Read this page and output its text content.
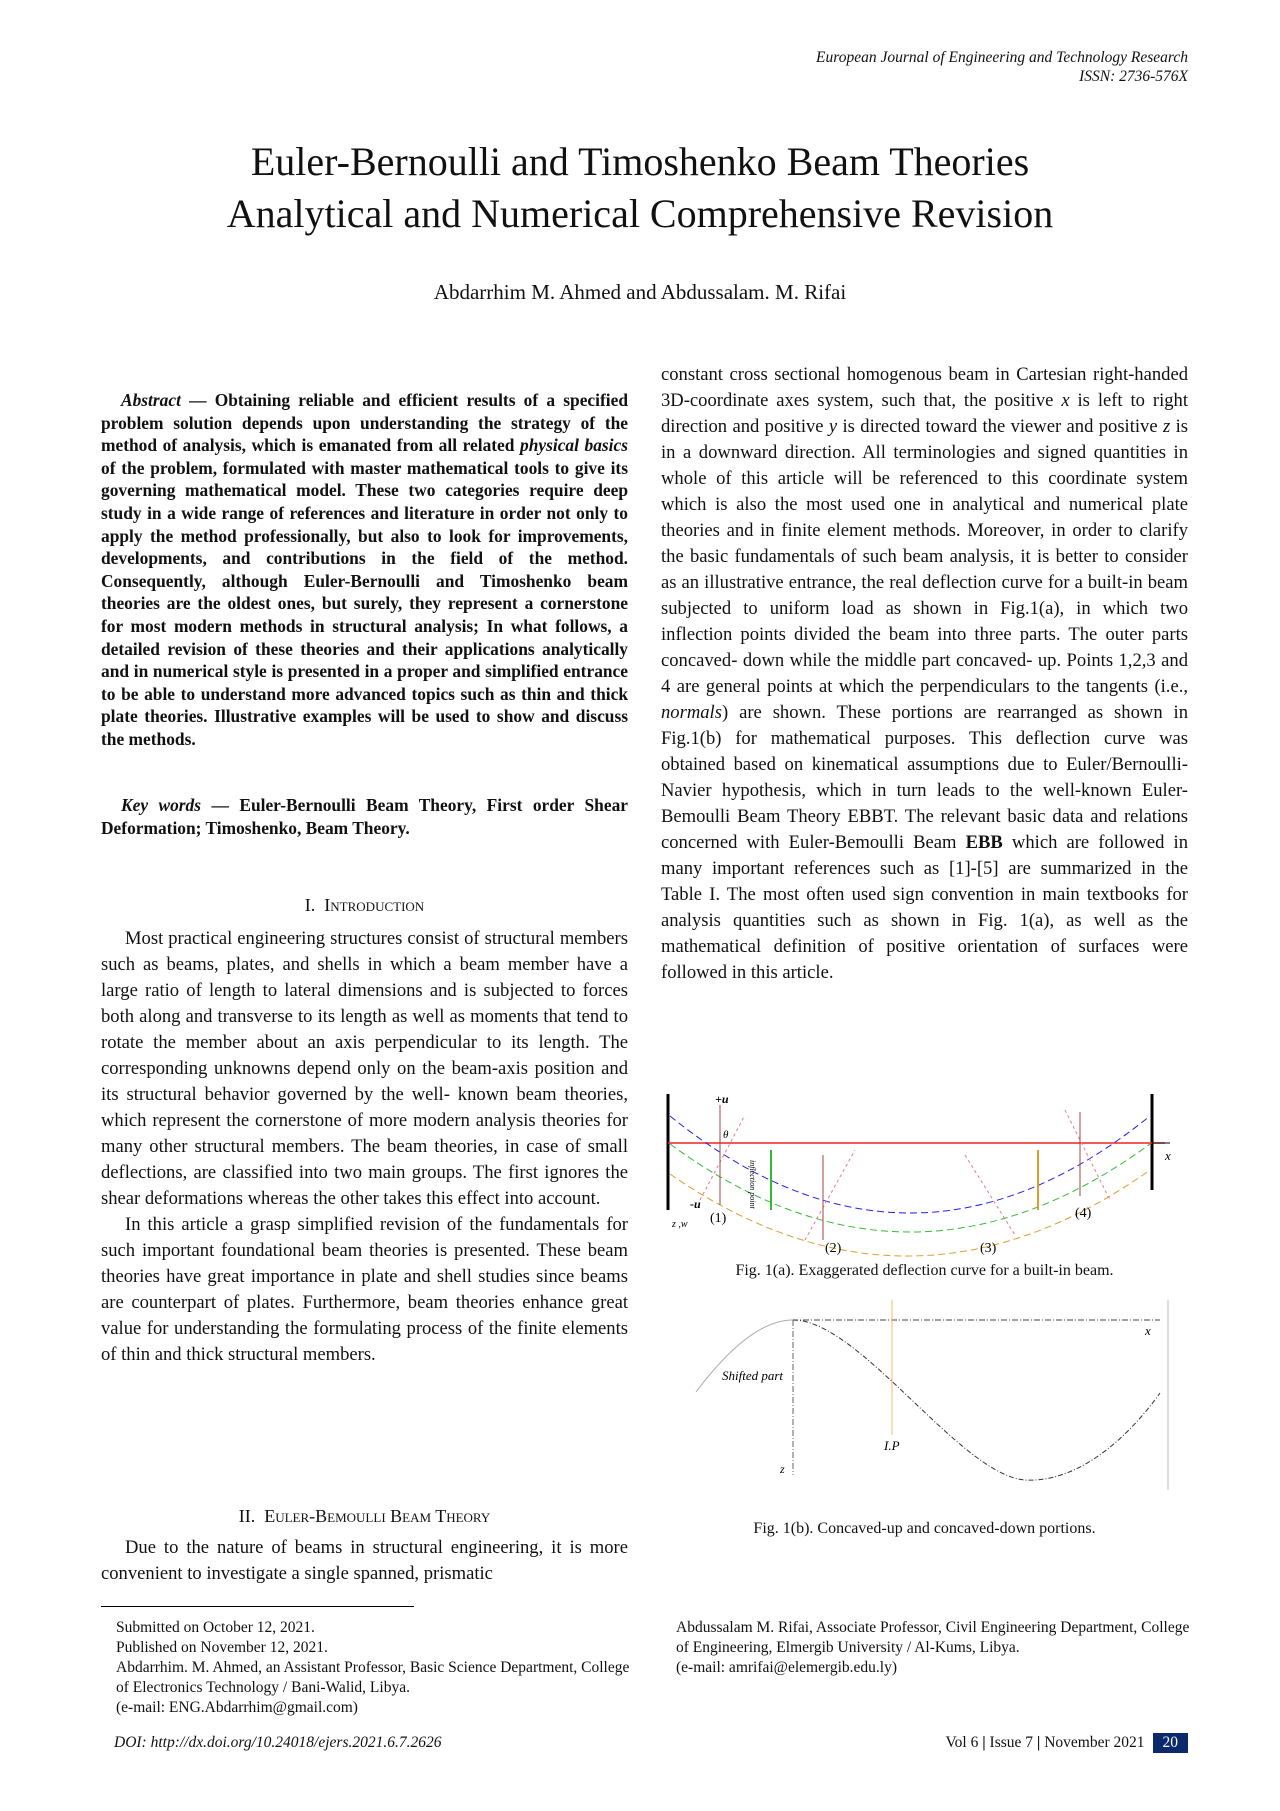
European Journal of Engineering and Technology Research
ISSN: 2736-576X
Euler-Bernoulli and Timoshenko Beam Theories
Analytical and Numerical Comprehensive Revision
Abdarrhim M. Ahmed and Abdussalam. M. Rifai
Abstract — Obtaining reliable and efficient results of a specified problem solution depends upon understanding the strategy of the method of analysis, which is emanated from all related physical basics of the problem, formulated with master mathematical tools to give its governing mathematical model. These two categories require deep study in a wide range of references and literature in order not only to apply the method professionally, but also to look for improvements, developments, and contributions in the field of the method. Consequently, although Euler-Bernoulli and Timoshenko beam theories are the oldest ones, but surely, they represent a cornerstone for most modern methods in structural analysis; In what follows, a detailed revision of these theories and their applications analytically and in numerical style is presented in a proper and simplified entrance to be able to understand more advanced topics such as thin and thick plate theories. Illustrative examples will be used to show and discuss the methods.
Key words — Euler-Bernoulli Beam Theory, First order Shear Deformation; Timoshenko, Beam Theory.
I. Introduction

Most practical engineering structures consist of structural members such as beams, plates, and shells in which a beam member have a large ratio of length to lateral dimensions and is subjected to forces both along and transverse to its length as well as moments that tend to rotate the member about an axis perpendicular to its length. The corresponding unknowns depend only on the beam-axis position and its structural behavior governed by the well- known beam theories, which represent the cornerstone of more modern analysis theories for many other structural members. The beam theories, in case of small deflections, are classified into two main groups. The first ignores the shear deformations whereas the other takes this effect into account.

In this article a grasp simplified revision of the fundamentals for such important foundational beam theories is presented. These beam theories have great importance in plate and shell studies since beams are counterpart of plates. Furthermore, beam theories enhance great value for understanding the formulating process of the finite elements of thin and thick structural members.

II. Euler-Bemoulli Beam Theory

Due to the nature of beams in structural engineering, it is more convenient to investigate a single spanned, prismatic

constant cross sectional homogenous beam in Cartesian right-handed 3D-coordinate axes system, such that, the positive x is left to right direction and positive y is directed toward the viewer and positive z is in a downward direction. All terminologies and signed quantities in whole of this article will be referenced to this coordinate system which is also the most used one in analytical and numerical plate theories and in finite element methods. Moreover, in order to clarify the basic fundamentals of such beam analysis, it is better to consider as an illustrative entrance, the real deflection curve for a built-in beam subjected to uniform load as shown in Fig.1(a), in which two inflection points divided the beam into three parts. The outer parts concaved- down while the middle part concaved- up. Points 1,2,3 and 4 are general points at which the perpendiculars to the tangents (i.e., normals) are shown. These portions are rearranged as shown in Fig.1(b) for mathematical purposes. This deflection curve was obtained based on kinematical assumptions due to Euler/Bernoulli-Navier hypothesis, which in turn leads to the well-known Euler-Bemoulli Beam Theory EBBT. The relevant basic data and relations concerned with Euler-Bemoulli Beam EBB which are followed in many important references such as [1]-[5] are summarized in the Table I. The most often used sign convention in main textbooks for analysis quantities such as shown in Fig. 1(a), as well as the mathematical definition of positive orientation of surfaces were followed in this article.
x
inflection point
+u
-u
θ
(1)
(2)	(3)
(4)
z ,w
Fig. 1(a). Exaggerated deflection curve for a built-in beam.
x
z
Shifted part
I.P
Fig. 1(b). Concaved-up and concaved-down portions.
Submitted on October 12, 2021.
Published on November 12, 2021.
Abdarrhim. M. Ahmed, an Assistant Professor, Basic Science Department, College of Electronics Technology / Bani-Walid, Libya.
(e-mail: ENG.Abdarrhim@gmail.com)
Abdussalam M. Rifai, Associate Professor, Civil Engineering Department, College of Engineering, Elmergib University / Al-Kums, Libya.
(e-mail: amrifai@elemergib.edu.ly)
DOI: http://dx.doi.org/10.24018/ejers.2021.6.7.2626	Vol 6 | Issue 7 | November 2021 20
